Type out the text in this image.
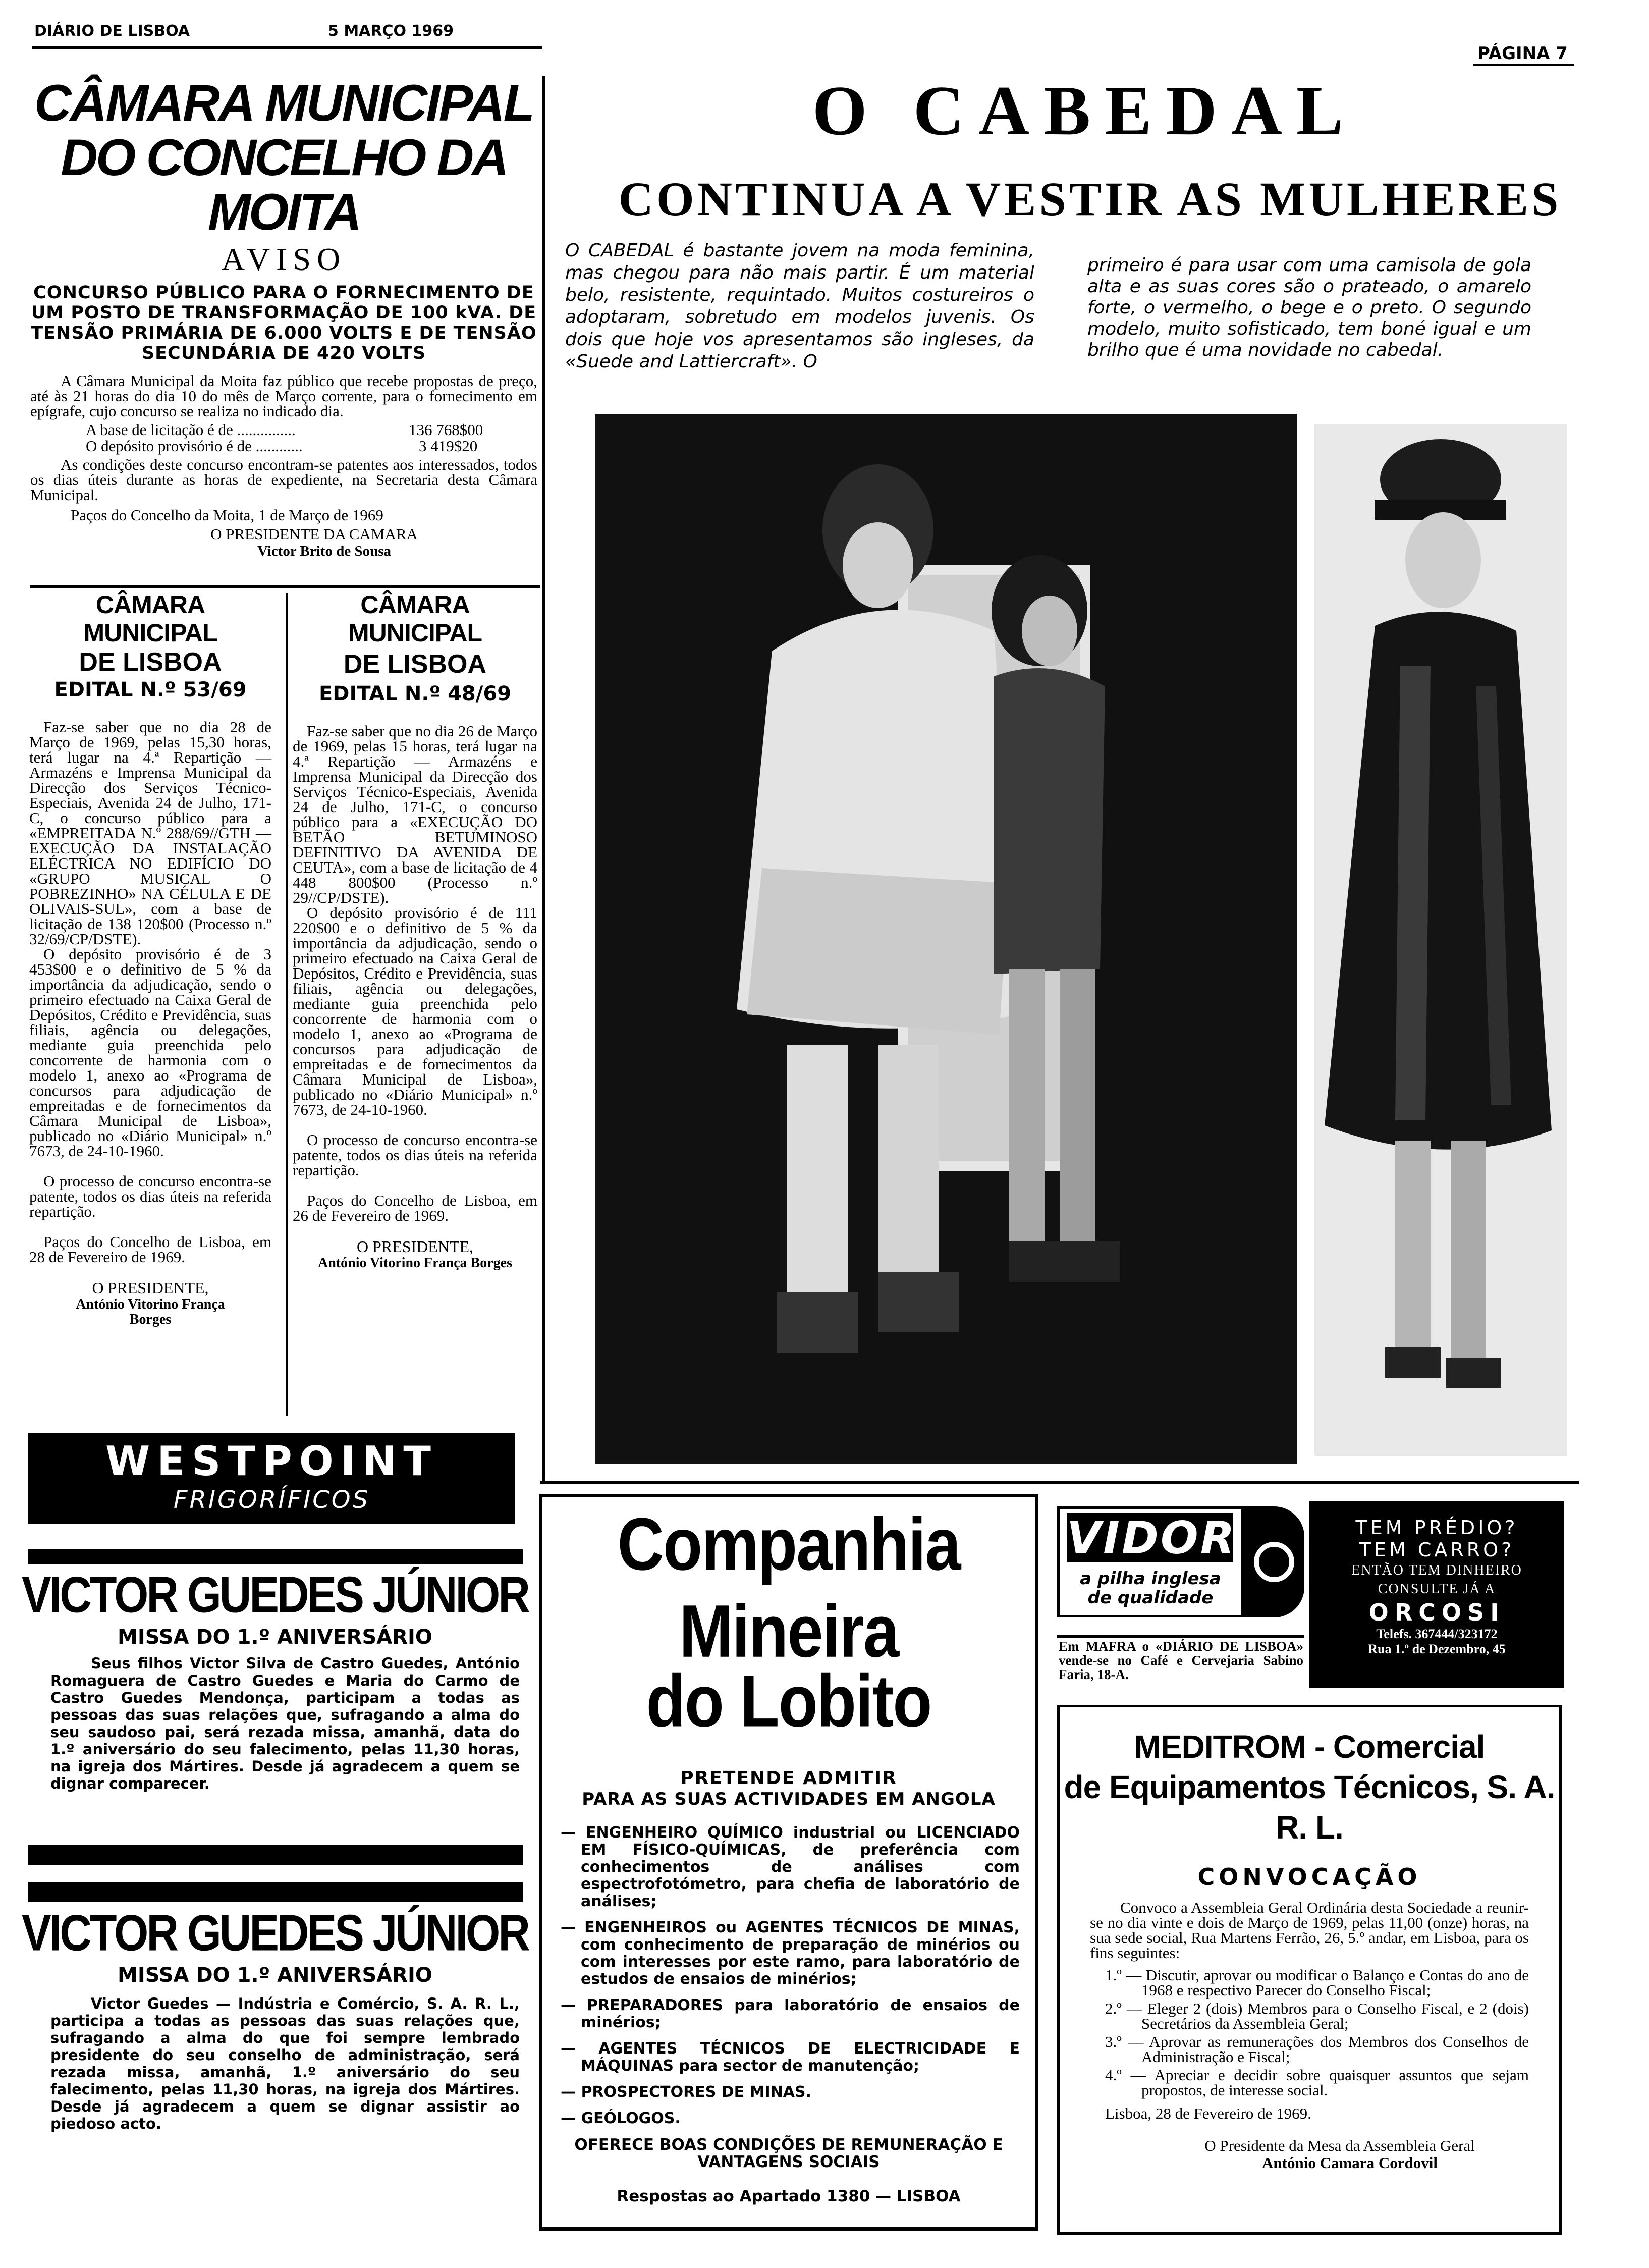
DIÁRIO DE LISBOA	5 MARÇO 1969
PÁGINA 7
CÂMARA MUNICIPAL
DO CONCELHO DA MOITA
AVISO
CONCURSO PÚBLICO PARA O FORNECIMENTO DE UM POSTO DE TRANSFORMAÇÃO DE 100 kVA. DE TENSÃO PRIMÁRIA DE 6.000 VOLTS E DE TENSÃO SECUNDÁRIA DE 420 VOLTS
A Câmara Municipal da Moita faz público que recebe propostas de preço, até às 21 horas do dia 10 do mês de Março corrente, para o fornecimento em epígrafe, cujo concurso se realiza no indicado dia.
A base de licitação é de ...............	136 768$00
O depósito provisório é de ............	3 419$20
As condições deste concurso encontram-se patentes aos interessados, todos os dias úteis durante as horas de expediente, na Secretaria desta Câmara Municipal.
Paços do Concelho da Moita, 1 de Março de 1969
O PRESIDENTE DA CAMARA
Victor Brito de Sousa
CÂMARA MUNICIPAL
DE LISBOA
EDITAL N.º 53/69

Faz-se saber que no dia 28 de Março de 1969, pelas 15,30 horas, terá lugar na 4.ª Repartição — Armazéns e Imprensa Municipal da Direcção dos Serviços Técnico-Especiais, Avenida 24 de Julho, 171-C, o concurso público para a «EMPREITADA N.º 288/69//GTH — EXECUÇÃO DA INSTALAÇÃO ELÉCTRICA NO EDIFÍCIO DO «GRUPO MUSICAL O POBREZINHO» NA CÉLULA E DE OLIVAIS-SUL», com a base de licitação de 138 120$00 (Processo n.º 32/69/CP/DSTE).

O depósito provisório é de 3 453$00 e o definitivo de 5 % da importância da adjudicação, sendo o primeiro efectuado na Caixa Geral de Depósitos, Crédito e Previdência, suas filiais, agência ou delegações, mediante guia preenchida pelo concorrente de harmonia com o modelo 1, anexo ao «Programa de concursos para adjudicação de empreitadas e de fornecimentos da Câmara Municipal de Lisboa», publicado no «Diário Municipal» n.º 7673, de 24-10-1960.

O processo de concurso encontra-se patente, todos os dias úteis na referida repartição.

Paços do Concelho de Lisboa, em 28 de Fevereiro de 1969.

O PRESIDENTE,
António Vitorino França Borges
CÂMARA MUNICIPAL
DE LISBOA
EDITAL N.º 48/69

Faz-se saber que no dia 26 de Março de 1969, pelas 15 horas, terá lugar na 4.ª Repartição — Armazéns e Imprensa Municipal da Direcção dos Serviços Técnico-Especiais, Avenida 24 de Julho, 171-C, o concurso público para a «EXECUÇÃO DO BETÃO BETUMINOSO DEFINITIVO DA AVENIDA DE CEUTA», com a base de licitação de 4 448 800$00 (Processo n.º 29//CP/DSTE).

O depósito provisório é de 111 220$00 e o definitivo de 5 % da importância da adjudicação, sendo o primeiro efectuado na Caixa Geral de Depósitos, Crédito e Previdência, suas filiais, agência ou delegações, mediante guia preenchida pelo concorrente de harmonia com o modelo 1, anexo ao «Programa de concursos para adjudicação de empreitadas e de fornecimentos da Câmara Municipal de Lisboa», publicado no «Diário Municipal» n.º 7673, de 24-10-1960.

O processo de concurso encontra-se patente, todos os dias úteis na referida repartição.

Paços do Concelho de Lisboa, em 26 de Fevereiro de 1969.

O PRESIDENTE,
António Vitorino França Borges
WESTPOINT
FRIGORÍFICOS
VICTOR GUEDES JÚNIOR
MISSA DO 1.º ANIVERSÁRIO
Seus filhos Victor Silva de Castro Guedes, António Romaguera de Castro Guedes e Maria do Carmo de Castro Guedes Mendonça, participam a todas as pessoas das suas relações que, sufragando a alma do seu saudoso pai, será rezada missa, amanhã, data do 1.º aniversário do seu falecimento, pelas 11,30 horas, na igreja dos Mártires. Desde já agradecem a quem se dignar comparecer.
VICTOR GUEDES JÚNIOR
MISSA DO 1.º ANIVERSÁRIO
Victor Guedes — Indústria e Comércio, S. A. R. L., participa a todas as pessoas das suas relações que, sufragando a alma do que foi sempre lembrado presidente do seu conselho de administração, será rezada missa, amanhã, 1.º aniversário do seu falecimento, pelas 11,30 horas, na igreja dos Mártires. Desde já agradecem a quem se dignar assistir ao piedoso acto.
O CABEDAL
CONTINUA A VESTIR AS MULHERES
O CABEDAL é bastante jovem na moda feminina, mas chegou para não mais partir. É um material belo, resistente, requintado. Muitos costureiros o adoptaram, sobretudo em modelos juvenis. Os dois que hoje vos apresentamos são ingleses, da «Suede and Lattiercraft». O
primeiro é para usar com uma camisola de gola alta e as suas cores são o prateado, o amarelo forte, o vermelho, o bege e o preto. O segundo modelo, muito sofisticado, tem boné igual e um brilho que é uma novidade no cabedal.
Companhia Mineira
do Lobito
PRETENDE ADMITIR
PARA AS SUAS ACTIVIDADES EM ANGOLA
— ENGENHEIRO QUÍMICO industrial ou LICENCIADO EM FÍSICO-QUÍMICAS, de preferência com conhecimentos de análises com espectrofotómetro, para chefia de laboratório de análises;
— ENGENHEIROS ou AGENTES TÉCNICOS DE MINAS, com conhecimento de preparação de minérios ou com interesses por este ramo, para laboratório de estudos de ensaios de minérios;
— PREPARADORES para laboratório de ensaios de minérios;
— AGENTES TÉCNICOS DE ELECTRICIDADE E MÁQUINAS para sector de manutenção;
— PROSPECTORES DE MINAS.
— GEÓLOGOS.
OFERECE BOAS CONDIÇÕES DE REMUNERAÇÃO E VANTAGENS SOCIAIS
Respostas ao Apartado 1380 — LISBOA
VIDOR
a pilha inglesa
de qualidade
Em MAFRA o «DIÁRIO DE LISBOA» vende-se no Café e Cervejaria Sabino Faria, 18-A.
TEM PRÉDIO?
TEM CARRO?
ENTÃO TEM DINHEIRO
CONSULTE JÁ A
ORCOSI
Telefs. 367444/323172
Rua 1.º de Dezembro, 45
MEDITROM - Comercial
de Equipamentos Técnicos, S. A. R. L.
CONVOCAÇÃO
Convoco a Assembleia Geral Ordinária desta Sociedade a reunir-se no dia vinte e dois de Março de 1969, pelas 11,00 (onze) horas, na sua sede social, Rua Martens Ferrão, 26, 5.º andar, em Lisboa, para os fins seguintes:
1.º — Discutir, aprovar ou modificar o Balanço e Contas do ano de 1968 e respectivo Parecer do Conselho Fiscal;
2.º — Eleger 2 (dois) Membros para o Conselho Fiscal, e 2 (dois) Secretários da Assembleia Geral;
3.º — Aprovar as remunerações dos Membros dos Conselhos de Administração e Fiscal;
4.º — Apreciar e decidir sobre quaisquer assuntos que sejam propostos, de interesse social.
Lisboa, 28 de Fevereiro de 1969.
O Presidente da Mesa da Assembleia Geral
António Camara Cordovil
